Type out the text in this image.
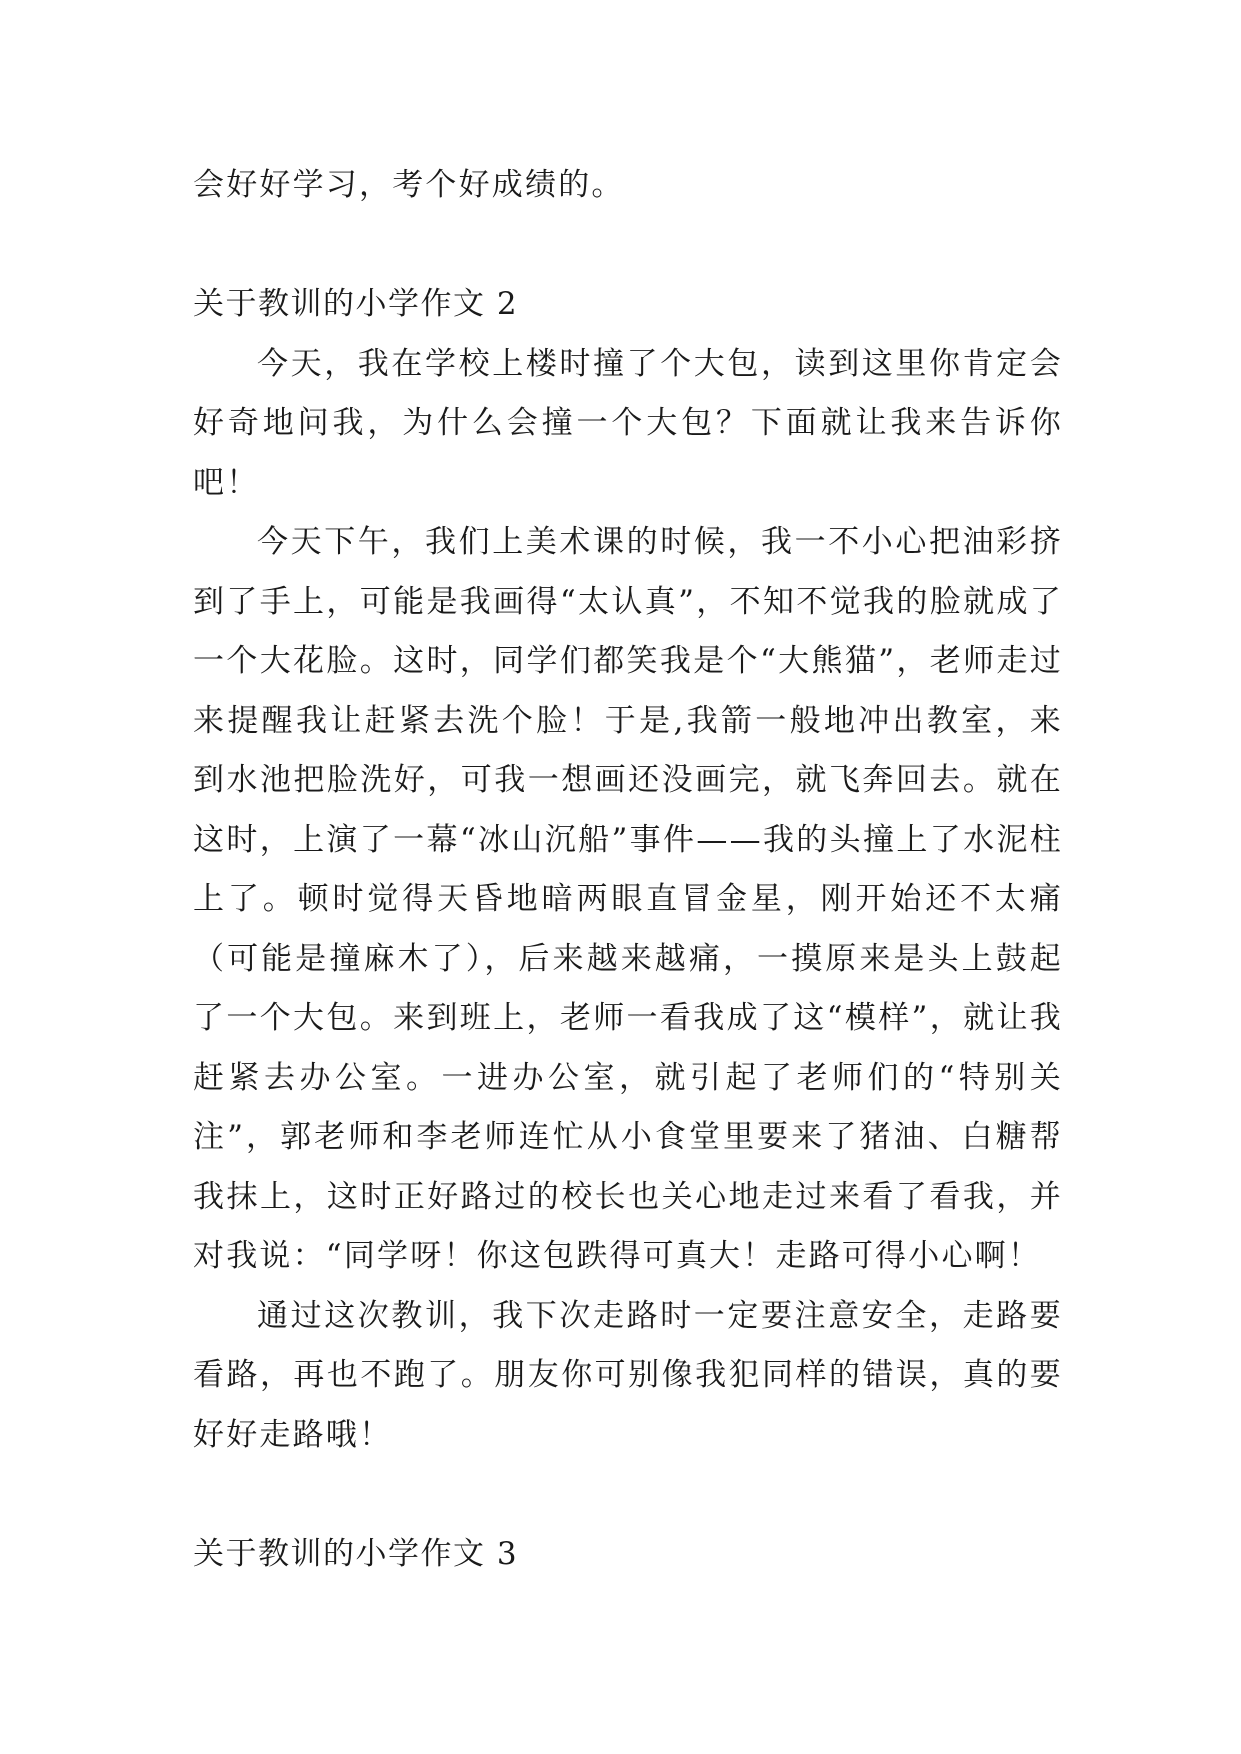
会好好学习，考个好成绩的。

关于教训的小学作文 2

今天，我在学校上楼时撞了个大包，读到这里你肯定会好奇地问我，为什么会撞一个大包？下面就让我来告诉你吧！

今天下午，我们上美术课的时候，我一不小心把油彩挤到了手上，可能是我画得“太认真”，不知不觉我的脸就成了一个大花脸。这时，同学们都笑我是个“大熊猫”，老师走过来提醒我让赶紧去洗个脸！于是,我箭一般地冲出教室，来到水池把脸洗好，可我一想画还没画完，就飞奔回去。就在这时，上演了一幕“冰山沉船”事件——我的头撞上了水泥柱上了。顿时觉得天昏地暗两眼直冒金星，刚开始还不太痛（可能是撞麻木了），后来越来越痛，一摸原来是头上鼓起了一个大包。来到班上，老师一看我成了这“模样”，就让我赶紧去办公室。一进办公室，就引起了老师们的“特别关注”，郭老师和李老师连忙从小食堂里要来了猪油、白糖帮我抹上，这时正好路过的校长也关心地走过来看了看我，并对我说：“同学呀！你这包跌得可真大！走路可得小心啊！

通过这次教训，我下次走路时一定要注意安全，走路要看路，再也不跑了。朋友你可别像我犯同样的错误，真的要好好走路哦！

关于教训的小学作文 3
